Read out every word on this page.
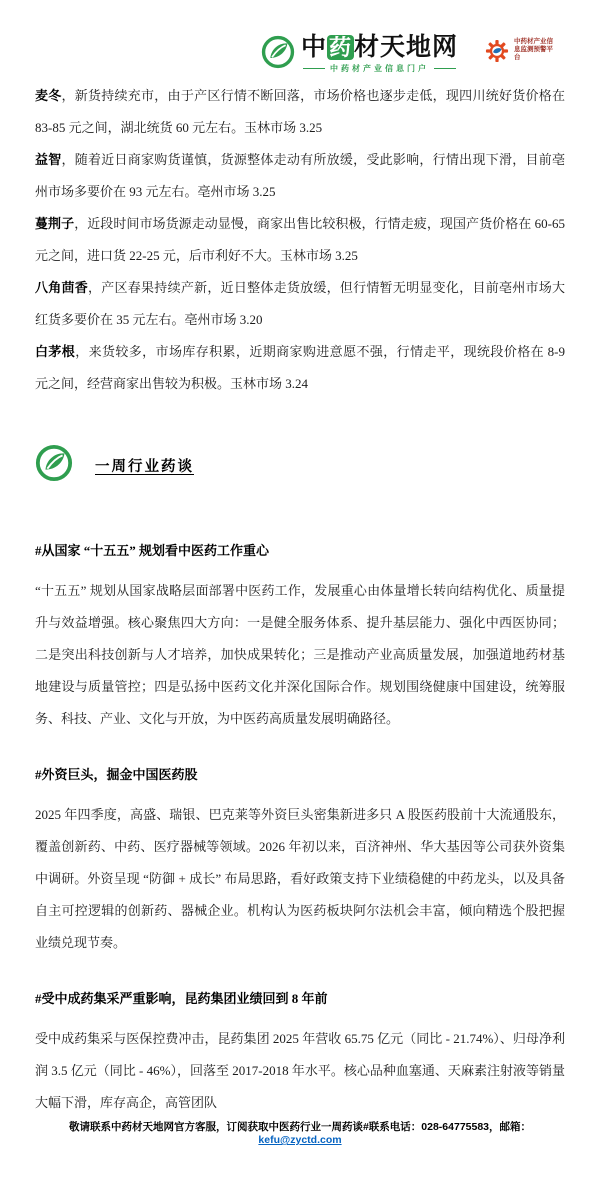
中药材天地网
中药材产业信息门户
中药材产业信
息监测预警平
台

麦冬，新货持续充市，由于产区行情不断回落，市场价格也逐步走低，现四川统好货价格在 83-85 元之间，湖北统货 60 元左右。玉林市场 3.25

益智，随着近日商家购货谨慎，货源整体走动有所放缓，受此影响，行情出现下滑，目前亳州市场多要价在 93 元左右。亳州市场 3.25

蔓荆子，近段时间市场货源走动显慢，商家出售比较积极，行情走疲，现国产货价格在 60-65 元之间，进口货 22-25 元，后市利好不大。玉林市场 3.25

八角茴香，产区春果持续产新，近日整体走货放缓，但行情暂无明显变化，目前亳州市场大红货多要价在 35 元左右。亳州市场 3.20

白茅根，来货较多，市场库存积累，近期商家购进意愿不强，行情走平，现统段价格在 8-9 元之间，经营商家出售较为积极。玉林市场 3.24

一周行业药谈
#从国家 “十五五” 规划看中医药工作重心

“十五五” 规划从国家战略层面部署中医药工作，发展重心由体量增长转向结构优化、质量提升与效益增强。核心聚焦四大方向：一是健全服务体系、提升基层能力、强化中西医协同；二是突出科技创新与人才培养，加快成果转化；三是推动产业高质量发展，加强道地药材基地建设与质量管控；四是弘扬中医药文化并深化国际合作。规划围绕健康中国建设，统筹服务、科技、产业、文化与开放，为中医药高质量发展明确路径。

#外资巨头，掘金中国医药股

2025 年四季度，高盛、瑞银、巴克莱等外资巨头密集新进多只 A 股医药股前十大流通股东，覆盖创新药、中药、医疗器械等领域。2026 年初以来，百济神州、华大基因等公司获外资集中调研。外资呈现 “防御 + 成长” 布局思路，看好政策支持下业绩稳健的中药龙头，以及具备自主可控逻辑的创新药、器械企业。机构认为医药板块阿尔法机会丰富，倾向精选个股把握业绩兑现节奏。

#受中成药集采严重影响，昆药集团业绩回到 8 年前

受中成药集采与医保控费冲击，昆药集团 2025 年营收 65.75 亿元（同比 - 21.74%）、归母净利润 3.5 亿元（同比 - 46%），回落至 2017-2018 年水平。核心品种血塞通、天麻素注射液等销量大幅下滑，库存高企，高管团队

敬请联系中药材天地网官方客服，订阅获取中医药行业一周药谈#联系电话：028-64775583，邮箱：kefu@zyctd.com
